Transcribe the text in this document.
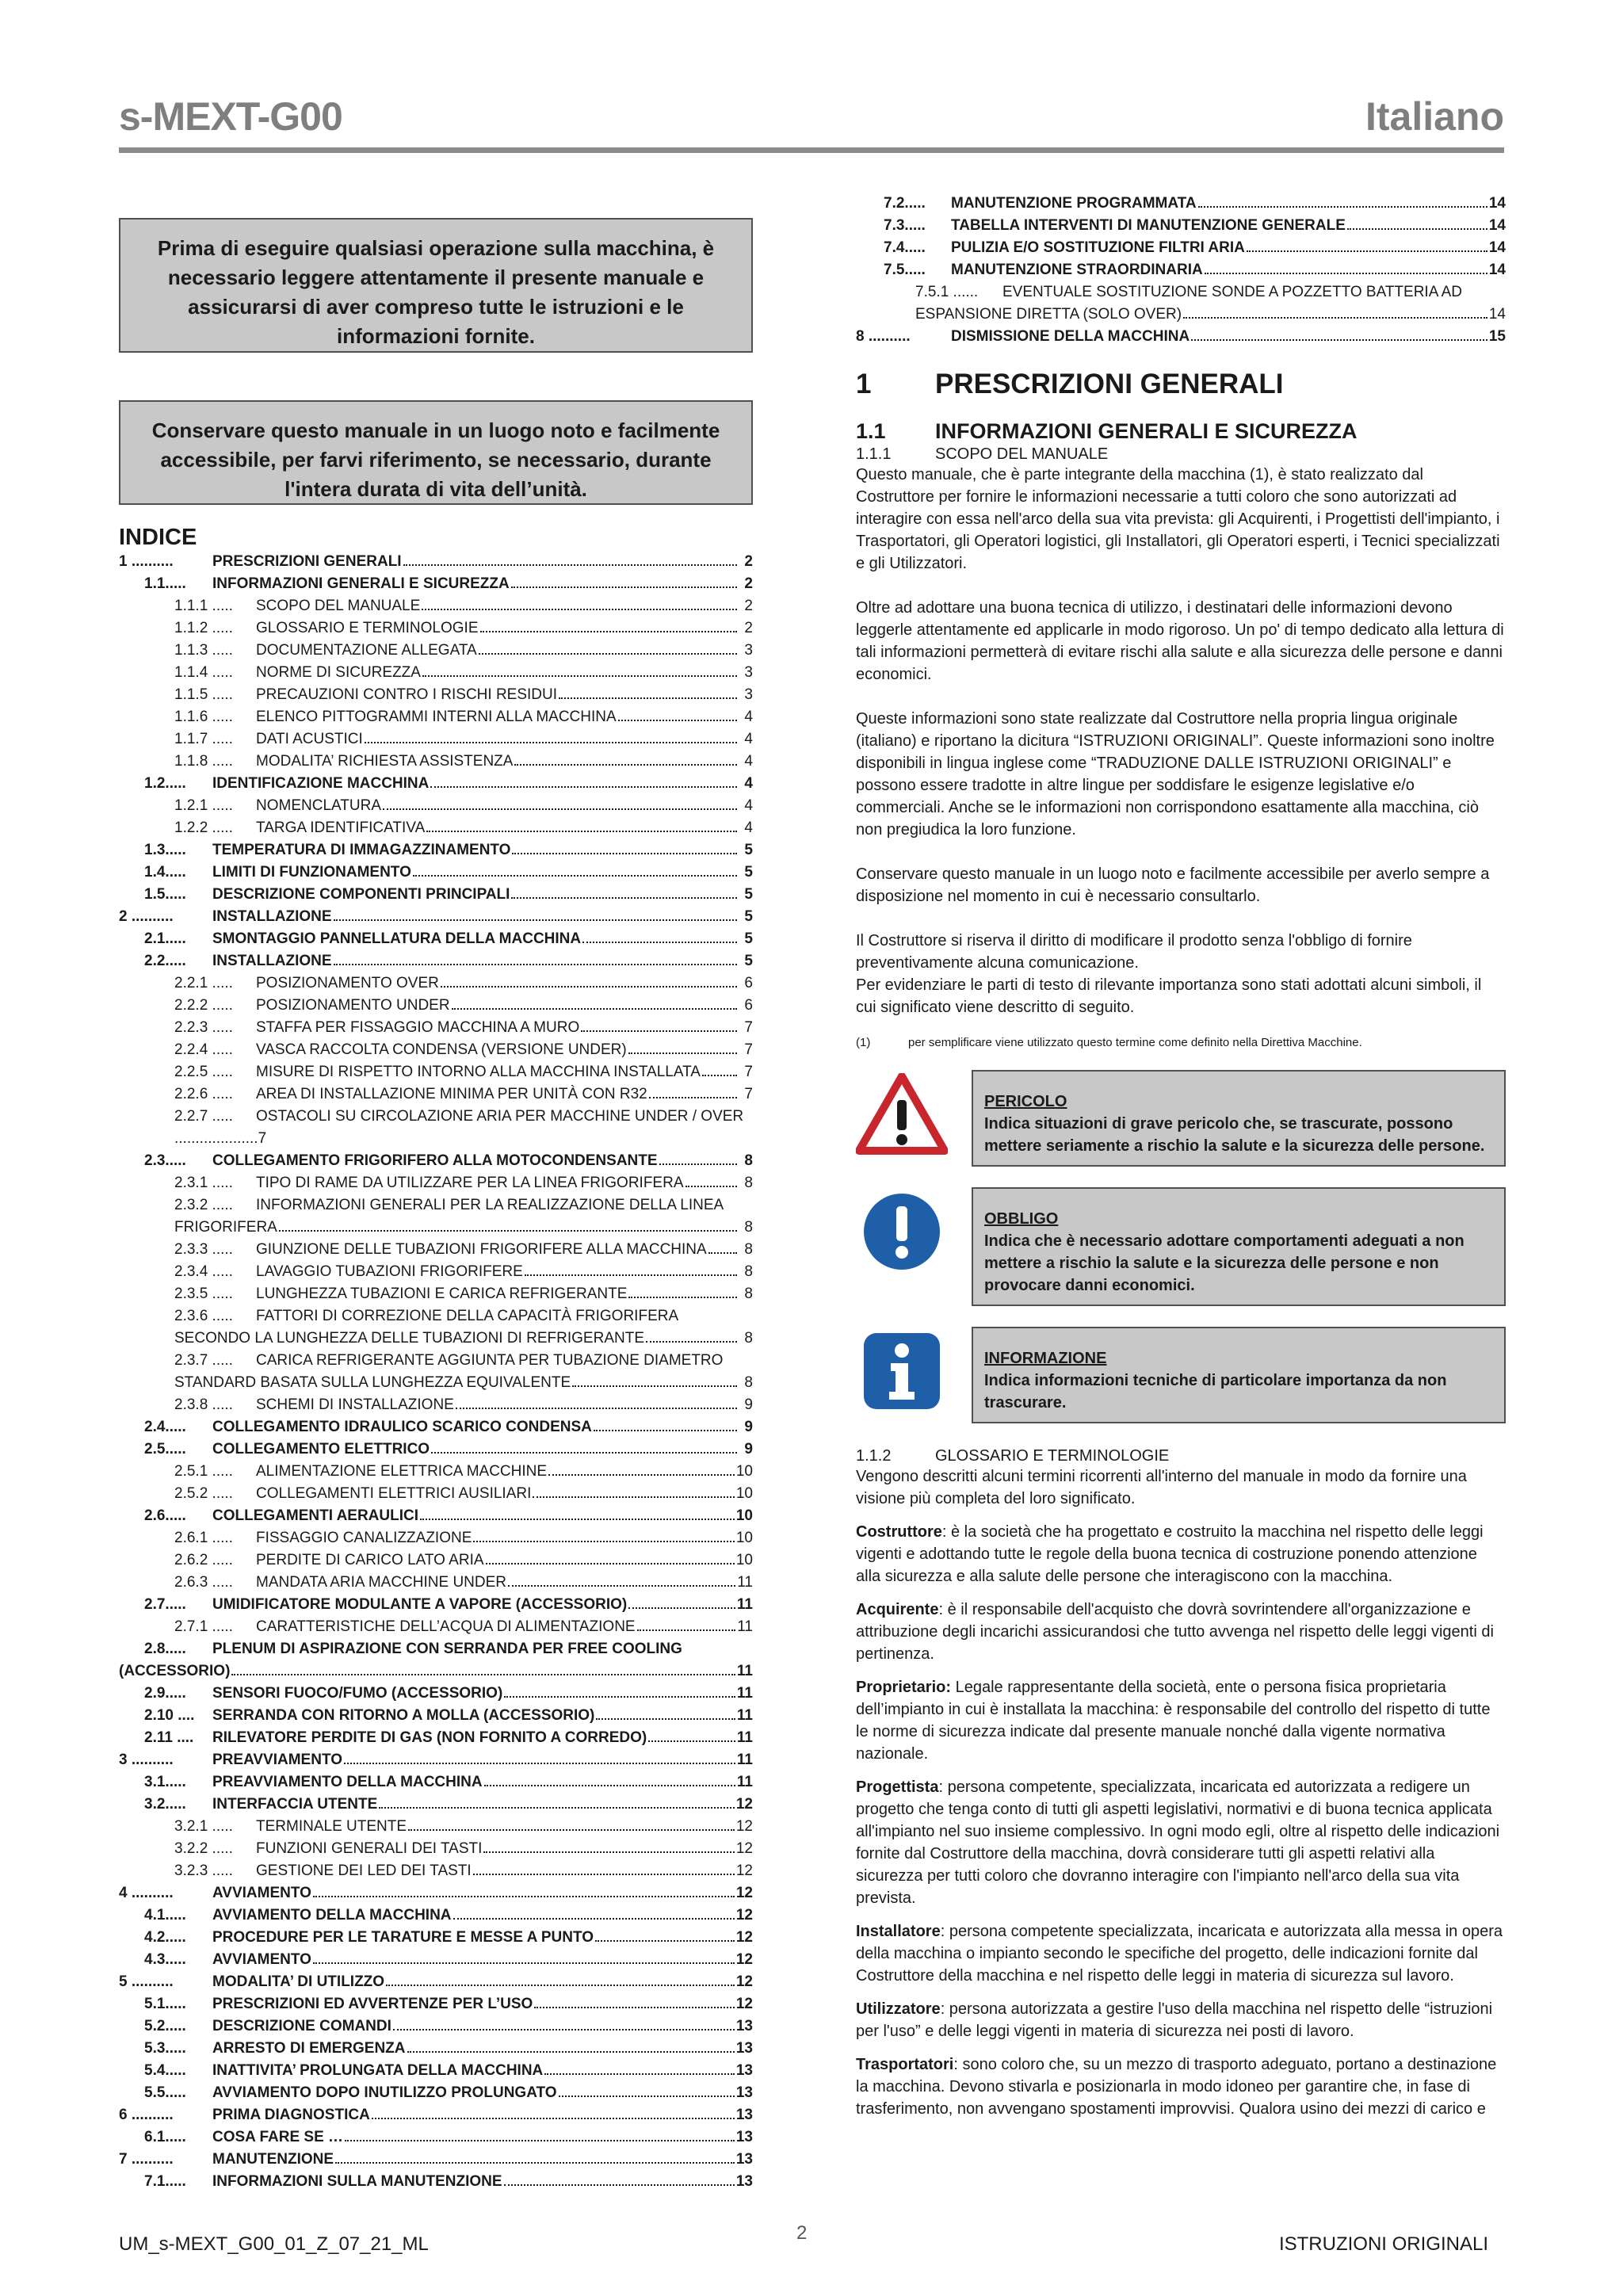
s-MEXT-G00	Italiano
Prima di eseguire qualsiasi operazione sulla macchina, è necessario leggere attentamente il presente manuale e assicurarsi di aver compreso tutte le istruzioni e le informazioni fornite.
Conservare questo manuale in un luogo noto e facilmente accessibile, per farvi riferimento, se necessario, durante l'intera durata di vita dell’unità.
INDICE
1 ..........	PRESCRIZIONI GENERALI	2
1.1.....	INFORMAZIONI GENERALI E SICUREZZA	2
1.1.1 .....	SCOPO DEL MANUALE	2
1.1.2 .....	GLOSSARIO E TERMINOLOGIE	2
1.1.3 .....	DOCUMENTAZIONE ALLEGATA	3
1.1.4 .....	NORME DI SICUREZZA	3
1.1.5 .....	PRECAUZIONI CONTRO I RISCHI RESIDUI	3
1.1.6 .....	ELENCO PITTOGRAMMI INTERNI ALLA MACCHINA	4
1.1.7 .....	DATI ACUSTICI	4
1.1.8 .....	MODALITA’ RICHIESTA ASSISTENZA	4
1.2.....	IDENTIFICAZIONE MACCHINA	4
1.2.1 .....	NOMENCLATURA	4
1.2.2 .....	TARGA IDENTIFICATIVA	4
1.3.....	TEMPERATURA DI IMMAGAZZINAMENTO	5
1.4.....	LIMITI DI FUNZIONAMENTO	5
1.5.....	DESCRIZIONE COMPONENTI PRINCIPALI	5
2 ..........	INSTALLAZIONE	5
2.1.....	SMONTAGGIO PANNELLATURA DELLA MACCHINA	5
2.2.....	INSTALLAZIONE	5
2.2.1 .....	POSIZIONAMENTO OVER	6
2.2.2 .....	POSIZIONAMENTO UNDER	6
2.2.3 .....	STAFFA PER FISSAGGIO MACCHINA A MURO	7
2.2.4 .....	VASCA RACCOLTA CONDENSA (VERSIONE UNDER)	7
2.2.5 .....	MISURE DI RISPETTO INTORNO ALLA MACCHINA INSTALLATA	7
2.2.6 .....	AREA DI INSTALLAZIONE MINIMA PER UNITÀ CON R32	7
2.2.7 .....	OSTACOLI SU CIRCOLAZIONE ARIA PER MACCHINE UNDER / OVER
....................7
2.3.....	COLLEGAMENTO FRIGORIFERO ALLA MOTOCONDENSANTE	8
2.3.1 .....	TIPO DI RAME DA UTILIZZARE PER LA LINEA FRIGORIFERA	8
2.3.2 .....	INFORMAZIONI GENERALI PER LA REALIZZAZIONE DELLA LINEA
FRIGORIFERA	8
2.3.3 .....	GIUNZIONE DELLE TUBAZIONI FRIGORIFERE ALLA MACCHINA	8
2.3.4 .....	LAVAGGIO TUBAZIONI FRIGORIFERE	8
2.3.5 .....	LUNGHEZZA TUBAZIONI E CARICA REFRIGERANTE	8
2.3.6 .....	FATTORI DI CORREZIONE DELLA CAPACITÀ FRIGORIFERA
SECONDO LA LUNGHEZZA DELLE TUBAZIONI DI REFRIGERANTE	8
2.3.7 .....	CARICA REFRIGERANTE AGGIUNTA PER TUBAZIONE DIAMETRO
STANDARD BASATA SULLA LUNGHEZZA EQUIVALENTE	8
2.3.8 .....	SCHEMI DI INSTALLAZIONE	9
2.4.....	COLLEGAMENTO IDRAULICO SCARICO CONDENSA	9
2.5.....	COLLEGAMENTO ELETTRICO	9
2.5.1 .....	ALIMENTAZIONE ELETTRICA MACCHINE	10
2.5.2 .....	COLLEGAMENTI ELETTRICI AUSILIARI	10
2.6.....	COLLEGAMENTI AERAULICI	10
2.6.1 .....	FISSAGGIO CANALIZZAZIONE	10
2.6.2 .....	PERDITE DI CARICO LATO ARIA	10
2.6.3 .....	MANDATA ARIA MACCHINE UNDER	11
2.7.....	UMIDIFICATORE MODULANTE A VAPORE (ACCESSORIO)	11
2.7.1 .....	CARATTERISTICHE DELL’ACQUA DI ALIMENTAZIONE	11
2.8.....	PLENUM DI ASPIRAZIONE CON SERRANDA PER FREE COOLING
(ACCESSORIO)	11
2.9.....	SENSORI FUOCO/FUMO (ACCESSORIO)	11
2.10 ....	SERRANDA CON RITORNO A MOLLA (ACCESSORIO)	11
2.11 ....	RILEVATORE PERDITE DI GAS (NON FORNITO A CORREDO)	11
3 ..........	PREAVVIAMENTO	11
3.1.....	PREAVVIAMENTO DELLA MACCHINA	11
3.2.....	INTERFACCIA UTENTE	12
3.2.1 .....	TERMINALE UTENTE	12
3.2.2 .....	FUNZIONI GENERALI DEI TASTI	12
3.2.3 .....	GESTIONE DEI LED DEI TASTI	12
4 ..........	AVVIAMENTO	12
4.1.....	AVVIAMENTO DELLA MACCHINA	12
4.2.....	PROCEDURE PER LE TARATURE E MESSE A PUNTO	12
4.3.....	AVVIAMENTO	12
5 ..........	MODALITA’ DI UTILIZZO	12
5.1.....	PRESCRIZIONI ED AVVERTENZE PER L’USO	12
5.2.....	DESCRIZIONE COMANDI	13
5.3.....	ARRESTO DI EMERGENZA	13
5.4.....	INATTIVITA’ PROLUNGATA DELLA MACCHINA	13
5.5.....	AVVIAMENTO DOPO INUTILIZZO PROLUNGATO	13
6 ..........	PRIMA DIAGNOSTICA	13
6.1.....	COSA FARE SE …	13
7 ..........	MANUTENZIONE	13
7.1.....	INFORMAZIONI SULLA MANUTENZIONE	13
7.2.....	MANUTENZIONE PROGRAMMATA	14
7.3.....	TABELLA INTERVENTI DI MANUTENZIONE GENERALE	14
7.4.....	PULIZIA E/O SOSTITUZIONE FILTRI ARIA	14
7.5.....	MANUTENZIONE STRAORDINARIA	14
7.5.1 ......	EVENTUALE SOSTITUZIONE SONDE A POZZETTO BATTERIA AD
ESPANSIONE DIRETTA (SOLO OVER)	14
8 ..........	DISMISSIONE DELLA MACCHINA	15
1	PRESCRIZIONI GENERALI
1.1	INFORMAZIONI GENERALI E SICUREZZA
1.1.1	SCOPO DEL MANUALE

Questo manuale, che è parte integrante della macchina (1), è stato realizzato dal Costruttore per fornire le informazioni necessarie a tutti coloro che sono autorizzati ad interagire con essa nell'arco della sua vita prevista: gli Acquirenti, i Progettisti dell'impianto, i Trasportatori, gli Operatori logistici, gli Installatori, gli Operatori esperti, i Tecnici specializzati e gli Utilizzatori.

Oltre ad adottare una buona tecnica di utilizzo, i destinatari delle informazioni devono leggerle attentamente ed applicarle in modo rigoroso. Un po' di tempo dedicato alla lettura di tali informazioni permetterà di evitare rischi alla salute e alla sicurezza delle persone e danni economici.

Queste informazioni sono state realizzate dal Costruttore nella propria lingua originale (italiano) e riportano la dicitura “ISTRUZIONI ORIGINALI”. Queste informazioni sono inoltre disponibili in lingua inglese come “TRADUZIONE DALLE ISTRUZIONI ORIGINALI” e possono essere tradotte in altre lingue per soddisfare le esigenze legislative e/o commerciali. Anche se le informazioni non corrispondono esattamente alla macchina, ciò non pregiudica la loro funzione.

Conservare questo manuale in un luogo noto e facilmente accessibile per averlo sempre a disposizione nel momento in cui è necessario consultarlo.

Il Costruttore si riserva il diritto di modificare il prodotto senza l'obbligo di fornire preventivamente alcuna comunicazione.

Per evidenziare le parti di testo di rilevante importanza sono stati adottati alcuni simboli, il cui significato viene descritto di seguito.

(1)	per semplificare viene utilizzato questo termine come definito nella Direttiva Macchine.
PERICOLO
Indica situazioni di grave pericolo che, se trascurate, possono mettere seriamente a rischio la salute e la sicurezza delle persone.
OBBLIGO
Indica che è necessario adottare comportamenti adeguati a non mettere a rischio la salute e la sicurezza delle persone e non provocare danni economici.
INFORMAZIONE
Indica informazioni tecniche di particolare importanza da non trascurare.
1.1.2	GLOSSARIO E TERMINOLOGIE

Vengono descritti alcuni termini ricorrenti all'interno del manuale in modo da fornire una visione più completa del loro significato.

Costruttore: è la società che ha progettato e costruito la macchina nel rispetto delle leggi vigenti e adottando tutte le regole della buona tecnica di costruzione ponendo attenzione alla sicurezza e alla salute delle persone che interagiscono con la macchina.

Acquirente: è il responsabile dell'acquisto che dovrà sovrintendere all'organizzazione e attribuzione degli incarichi assicurandosi che tutto avvenga nel rispetto delle leggi vigenti di pertinenza.

Proprietario: Legale rappresentante della società, ente o persona fisica proprietaria dell’impianto in cui è installata la macchina: è responsabile del controllo del rispetto di tutte le norme di sicurezza indicate dal presente manuale nonché dalla vigente normativa nazionale.

Progettista: persona competente, specializzata, incaricata ed autorizzata a redigere un progetto che tenga conto di tutti gli aspetti legislativi, normativi e di buona tecnica applicata all'impianto nel suo insieme complessivo. In ogni modo egli, oltre al rispetto delle indicazioni fornite dal Costruttore della macchina, dovrà considerare tutti gli aspetti relativi alla sicurezza per tutti coloro che dovranno interagire con l'impianto nell'arco della sua vita prevista.

Installatore: persona competente specializzata, incaricata e autorizzata alla messa in opera della macchina o impianto secondo le specifiche del progetto, delle indicazioni fornite dal Costruttore della macchina e nel rispetto delle leggi in materia di sicurezza sul lavoro.

Utilizzatore: persona autorizzata a gestire l'uso della macchina nel rispetto delle “istruzioni per l'uso” e delle leggi vigenti in materia di sicurezza nei posti di lavoro.

Trasportatori: sono coloro che, su un mezzo di trasporto adeguato, portano a destinazione la macchina. Devono stivarla e posizionarla in modo idoneo per garantire che, in fase di trasferimento, non avvengano spostamenti improvvisi. Qualora usino dei mezzi di carico e

UM_s-MEXT_G00_01_Z_07_21_ML
2
ISTRUZIONI ORIGINALI
